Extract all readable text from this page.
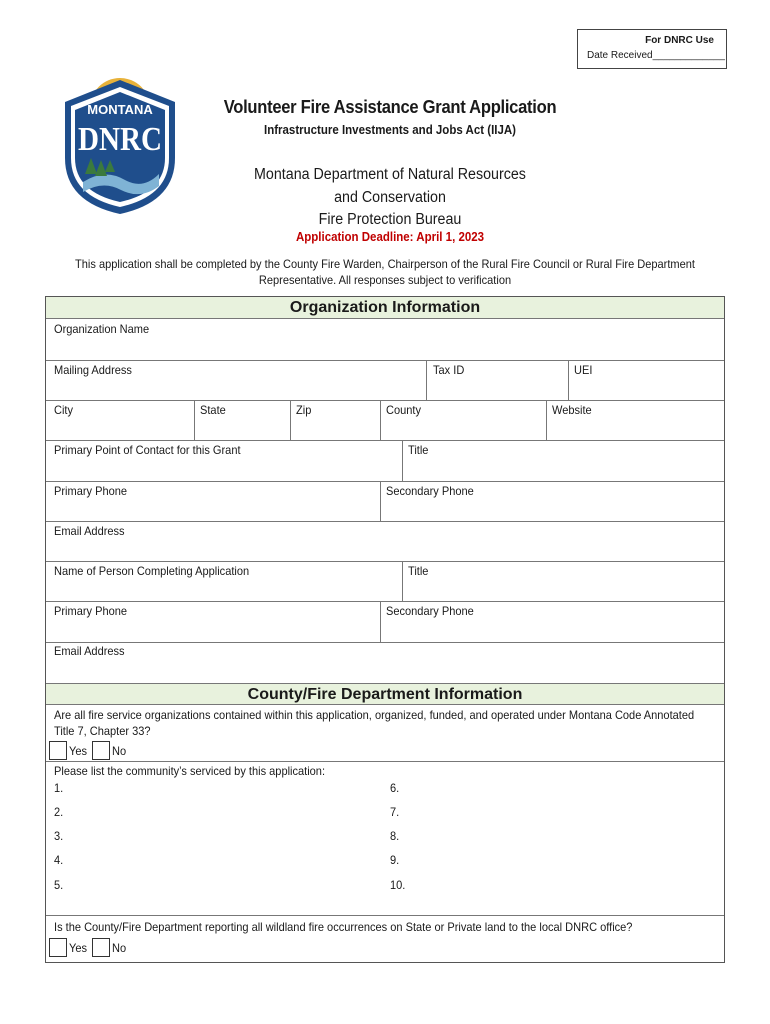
For DNRC Use
Date Received_____________
MONTANA
DNRC
Volunteer Fire Assistance Grant Application
Infrastructure Investments and Jobs Act (IIJA)
Montana Department of Natural Resources
and Conservation
Fire Protection Bureau
Application Deadline: April 1, 2023
This application shall be completed by the County Fire Warden, Chairperson of the Rural Fire Council or Rural Fire Department
Representative. All responses subject to verification
Organization Information
Organization Name
Mailing Address	Tax ID	UEI
City	State	Zip	County	Website
Primary Point of Contact for this Grant	Title
Primary Phone	Secondary Phone
Email Address
Name of Person Completing Application	Title
Primary Phone	Secondary Phone
Email Address
County/Fire Department Information
Are all fire service organizations contained within this application, organized, funded, and operated under Montana Code Annotated
Title 7, Chapter 33?
Yes No
Please list the community’s serviced by this application:
1.
2.
3.
4.
5.
6.
7.
8.
9.
10.
Is the County/Fire Department reporting all wildland fire occurrences on State or Private land to the local DNRC office?
Yes No
